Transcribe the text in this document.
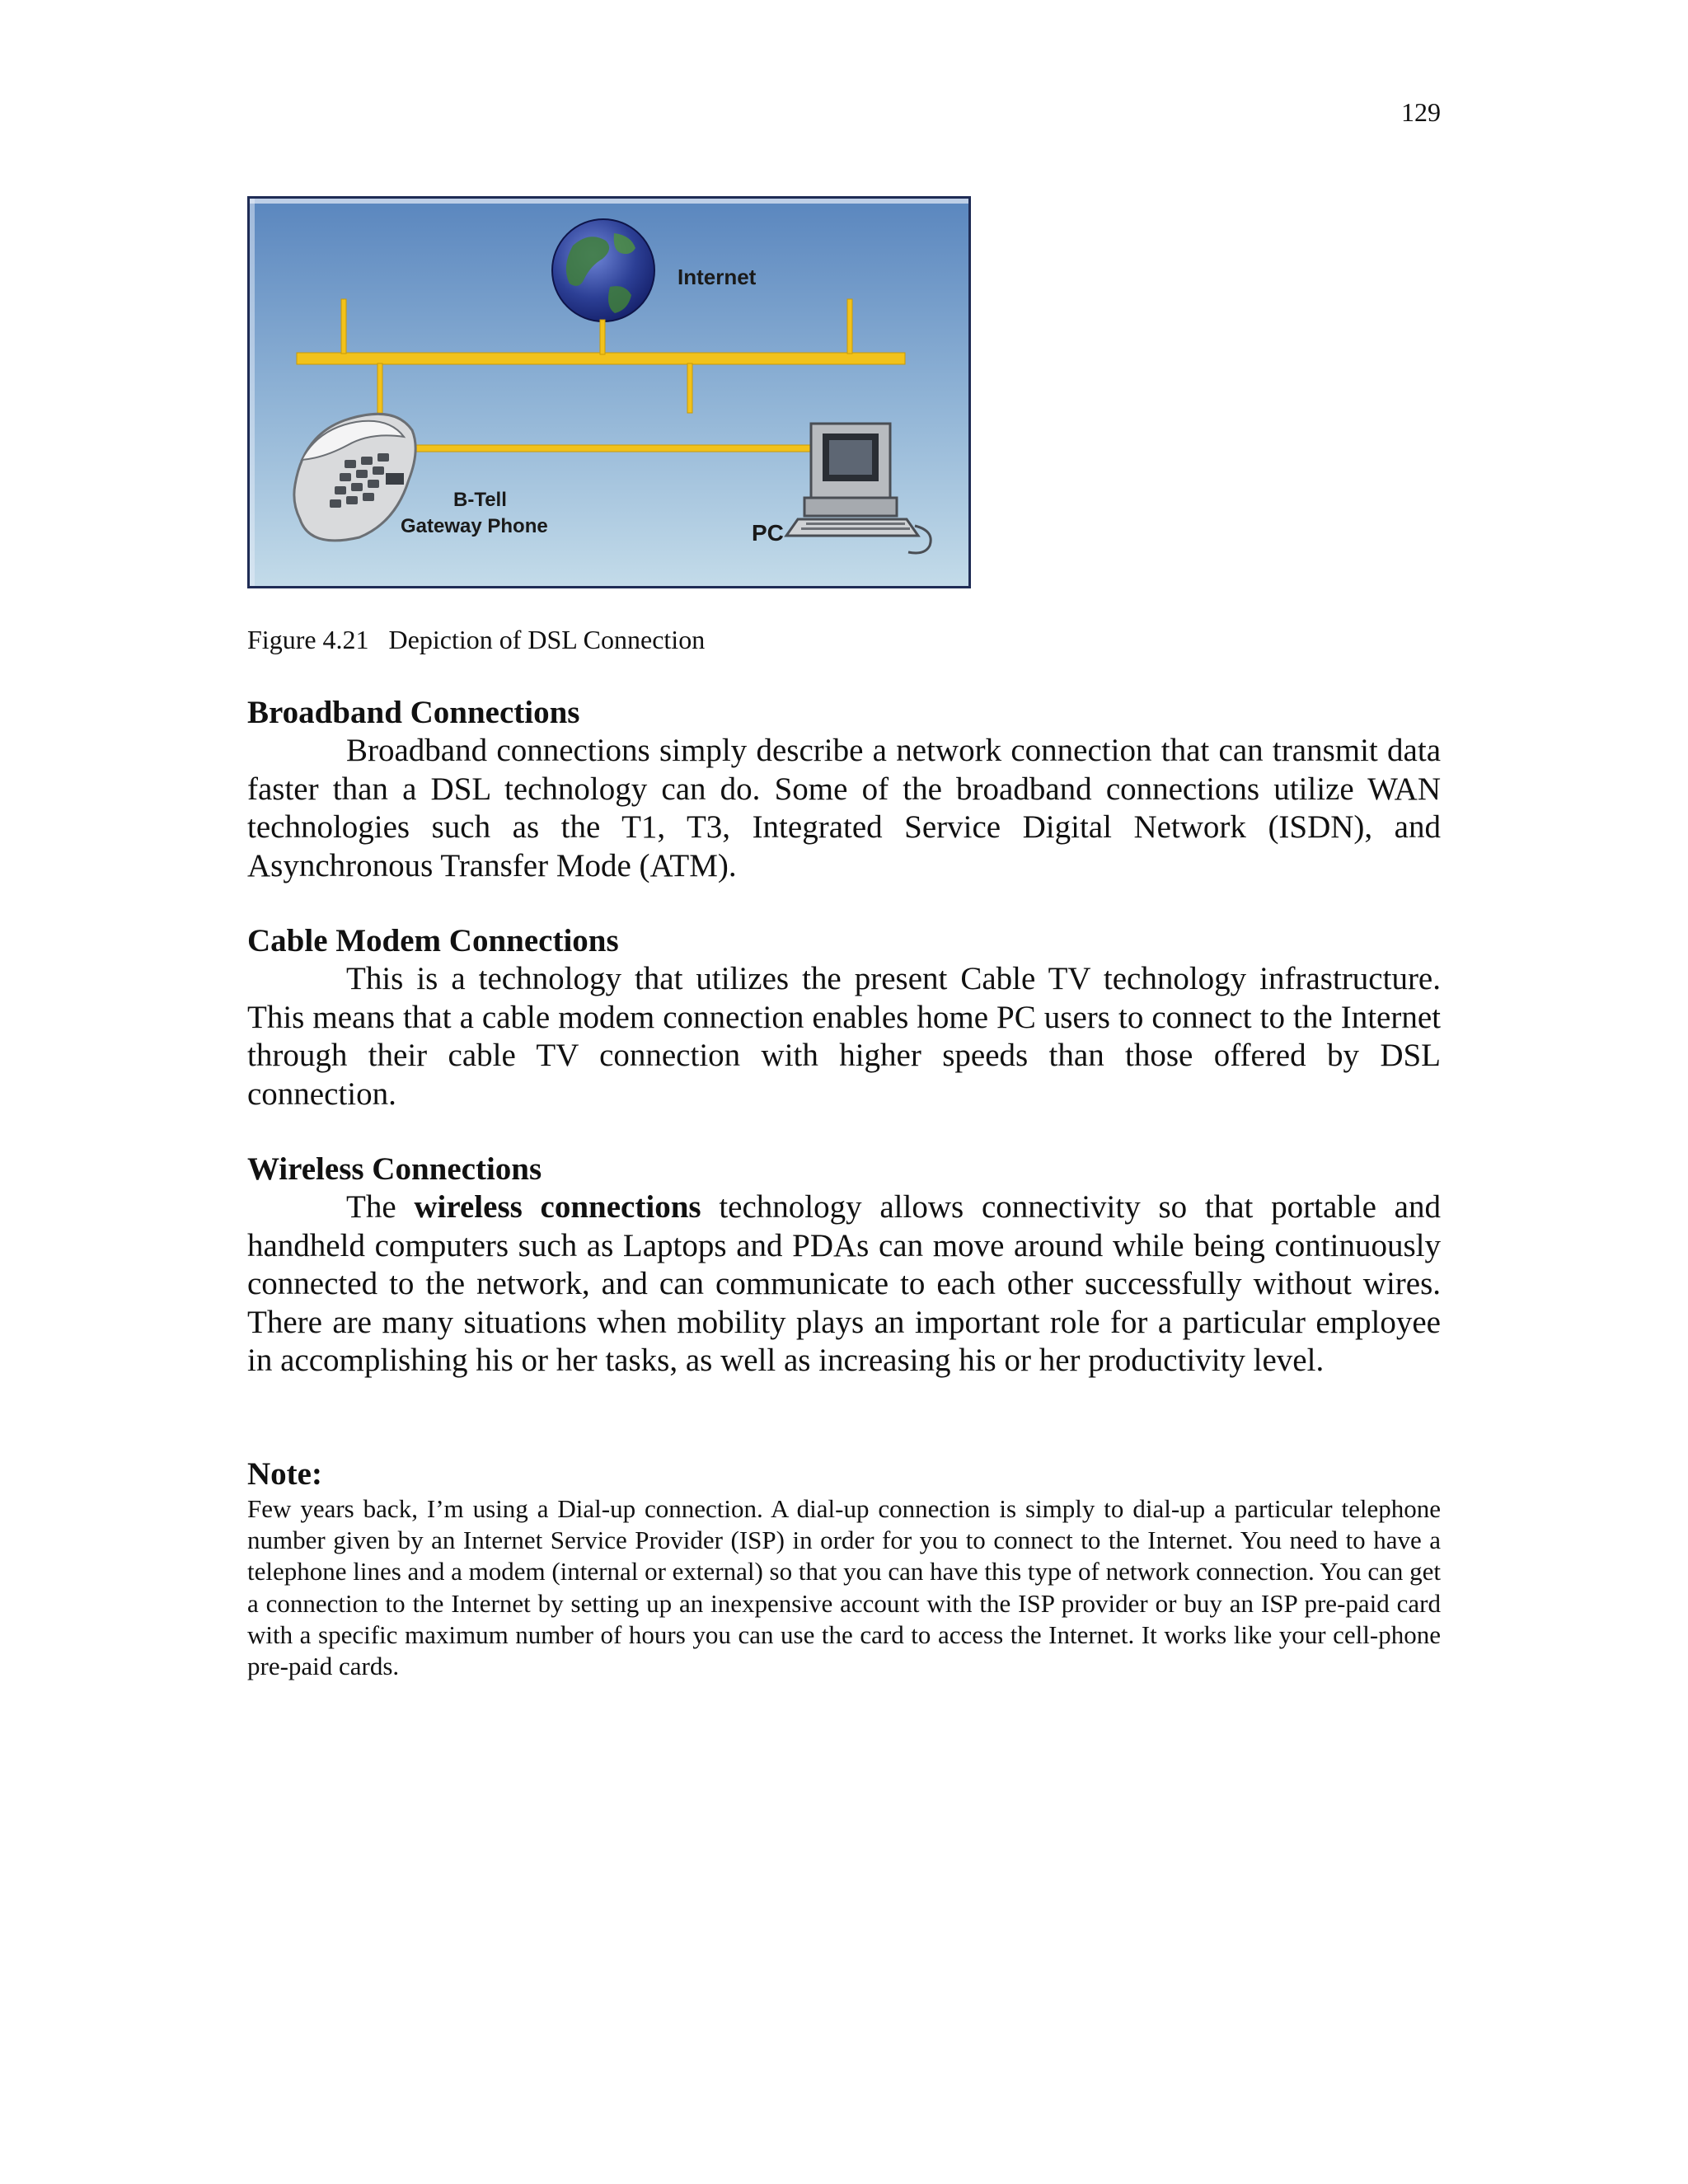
129
Internet
B-Tell
Gateway Phone	PC
Figure 4.21   Depiction of DSL Connection

Broadband Connections

Broadband connections simply describe a network connection that can transmit data faster than a DSL technology can do. Some of the broadband connections utilize WAN technologies such as the T1, T3, Integrated Service Digital Network (ISDN), and Asynchronous Transfer Mode (ATM).

Cable Modem Connections

This is a technology that utilizes the present Cable TV technology infrastructure. This means that a cable modem connection enables home PC users to connect to the Internet through their cable TV connection with higher speeds than those offered by DSL connection.

Wireless Connections

The wireless connections technology allows connectivity so that portable and handheld computers such as Laptops and PDAs can move around while being continuously connected to the network, and can communicate to each other successfully without wires. There are many situations when mobility plays an important role for a particular employee in accomplishing his or her tasks, as well as increasing his or her productivity level.

Note:

Few years back, I’m using a Dial-up connection. A dial-up connection is simply to dial-up a particular telephone number given by an Internet Service Provider (ISP) in order for you to connect to the Internet. You need to have a telephone lines and a modem (internal or external) so that you can have this type of network connection. You can get a connection to the Internet by setting up an inexpensive account with the ISP provider or buy an ISP pre-paid card with a specific maximum number of hours you can use the card to access the Internet. It works like your cell-phone pre-paid cards.
